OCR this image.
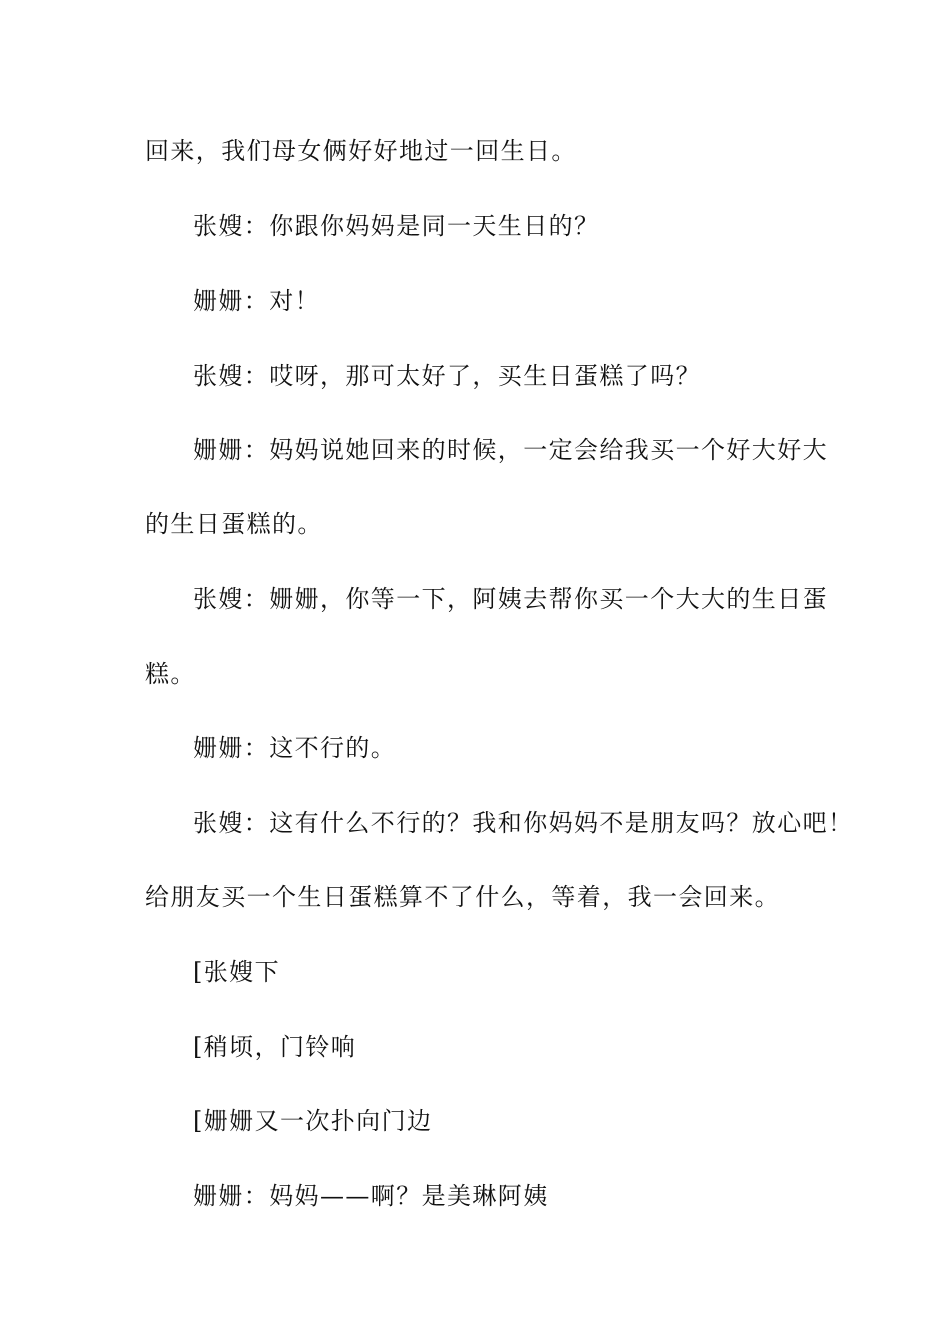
回来，我们母女俩好好地过一回生日。
张嫂：你跟你妈妈是同一天生日的？
姗姗：对！
张嫂：哎呀，那可太好了，买生日蛋糕了吗？
姗姗：妈妈说她回来的时候，一定会给我买一个好大好大
的生日蛋糕的。
张嫂：姗姗，你等一下，阿姨去帮你买一个大大的生日蛋
糕。
姗姗：这不行的。
张嫂：这有什么不行的？我和你妈妈不是朋友吗？放心吧！
给朋友买一个生日蛋糕算不了什么，等着，我一会回来。
[张嫂下
[稍顷，门铃响
[姗姗又一次扑向门边
姗姗：妈妈——啊？是美琳阿姨
